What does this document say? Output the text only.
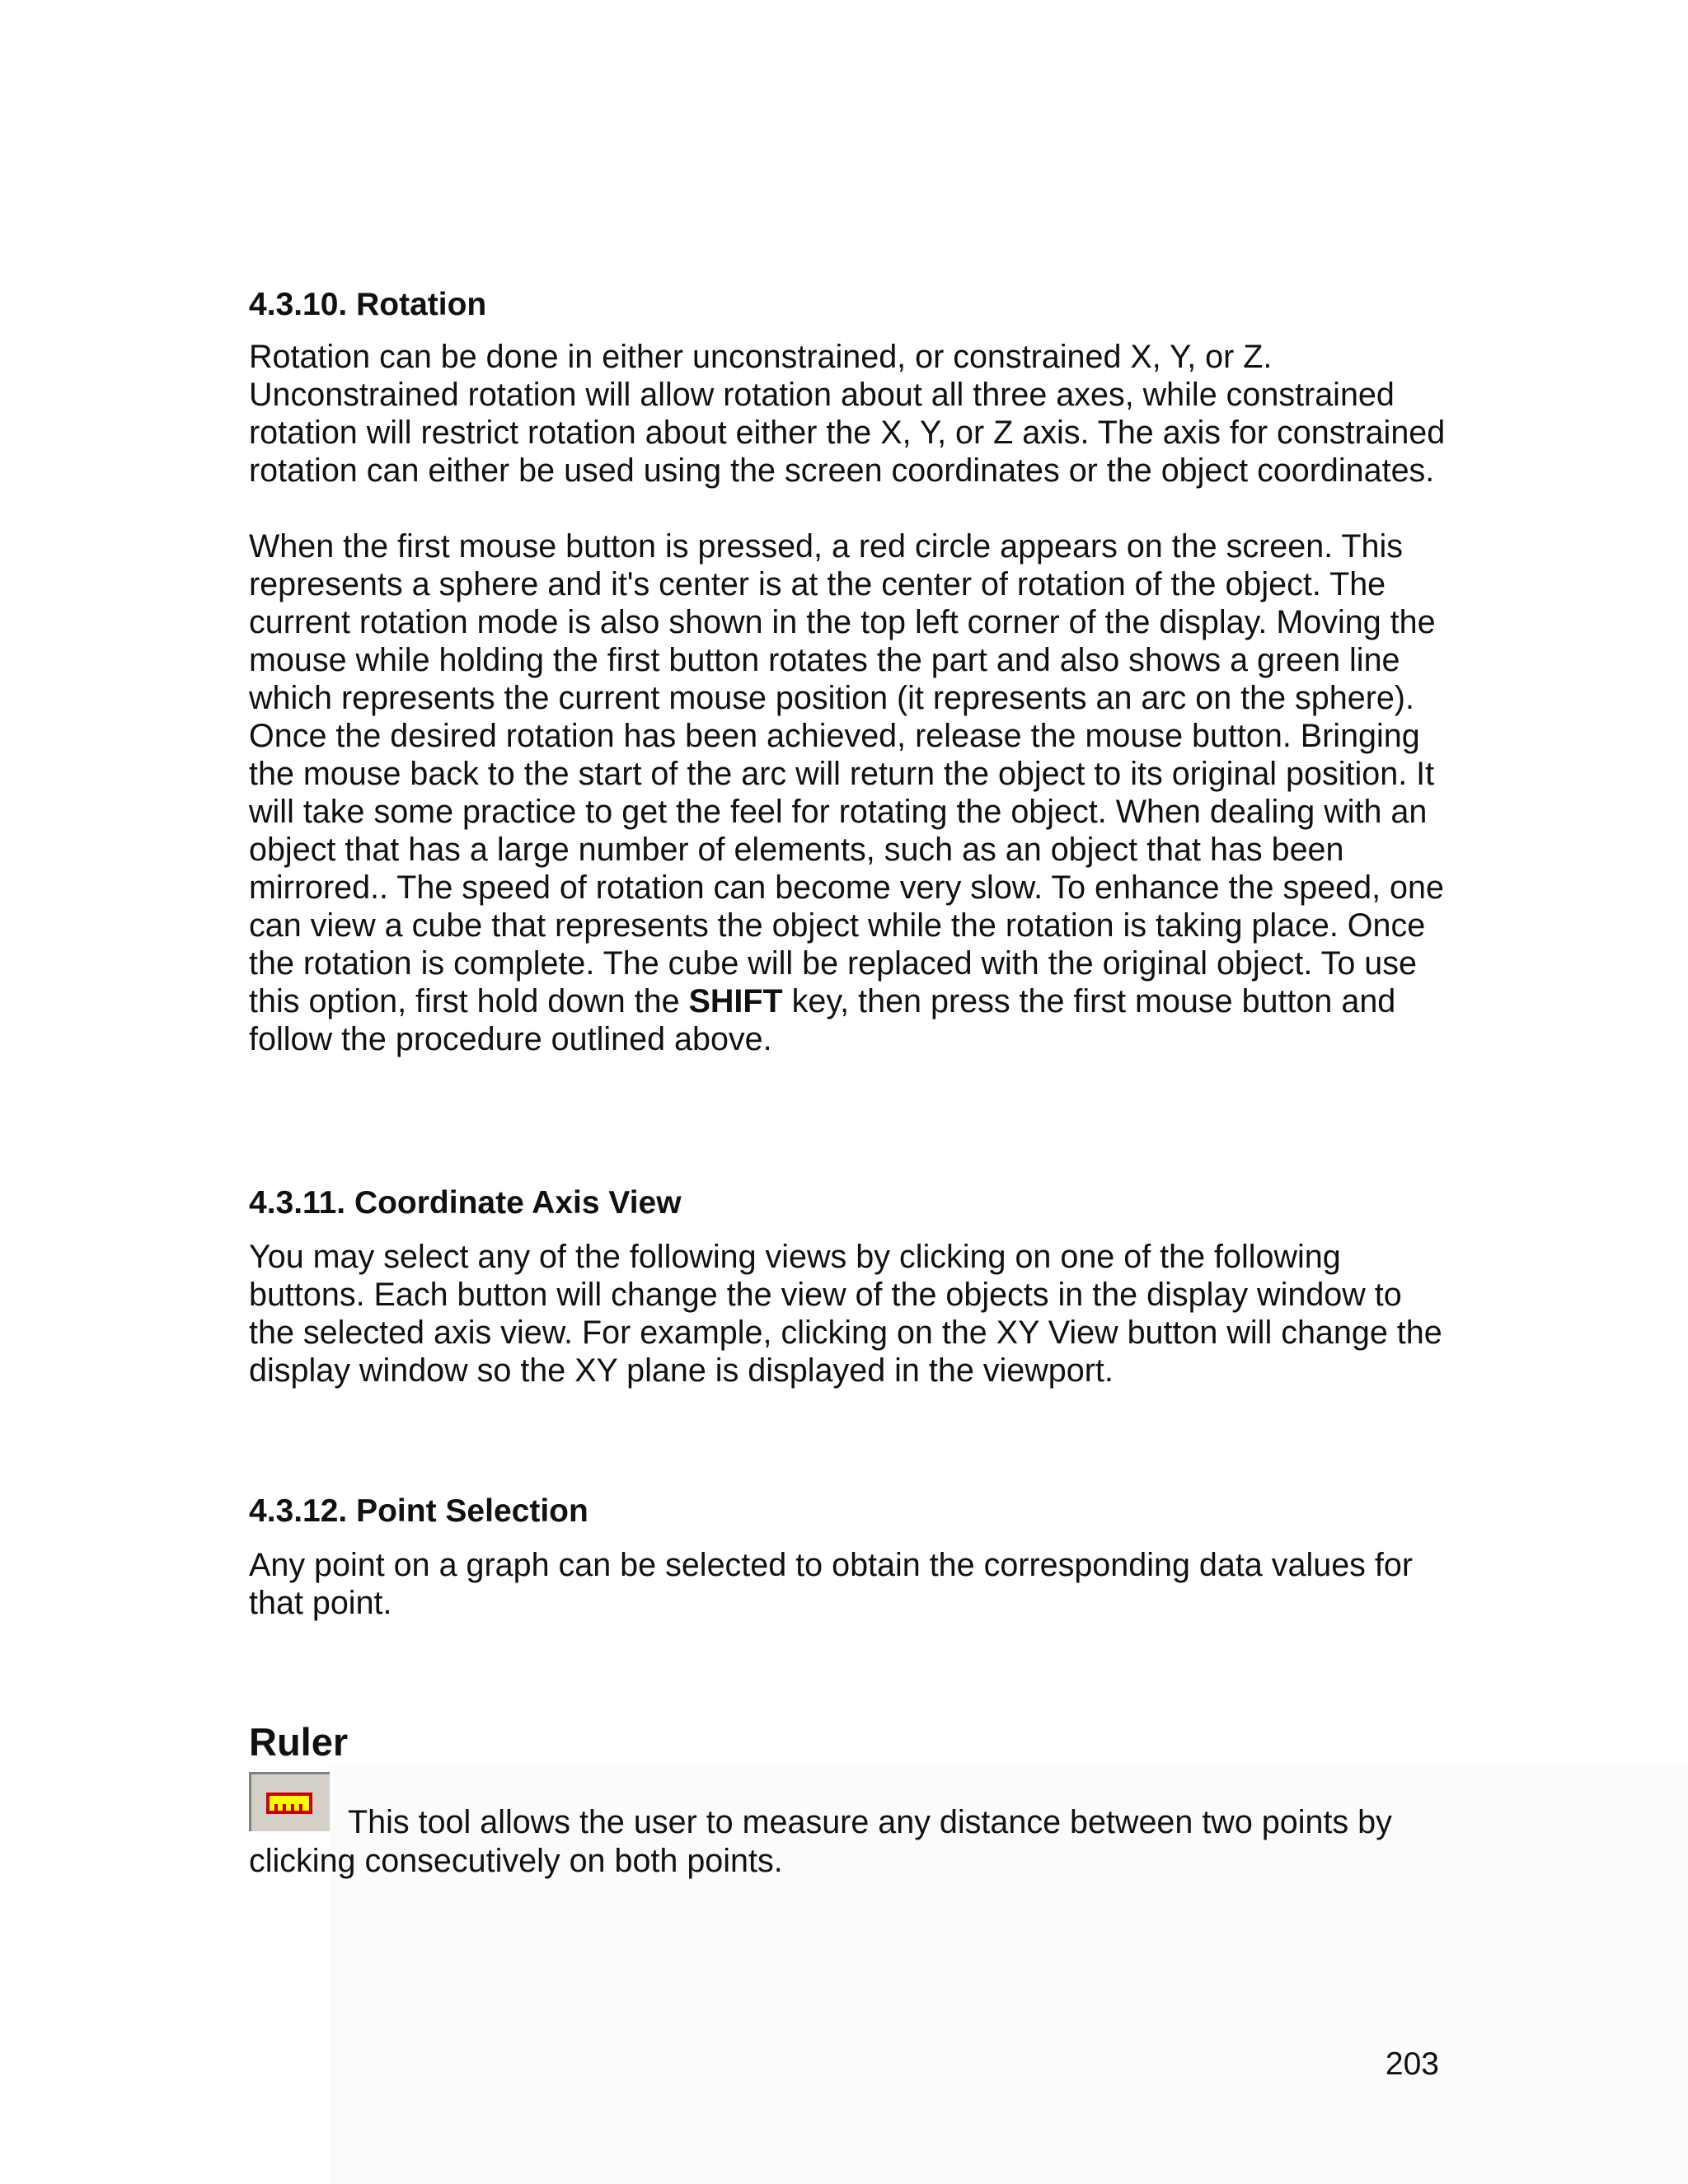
4.3.10. Rotation

Rotation can be done in either unconstrained, or constrained X, Y, or Z. Unconstrained rotation will allow rotation about all three axes, while constrained rotation will restrict rotation about either the X, Y, or Z axis. The axis for constrained rotation can either be used using the screen coordinates or the object coordinates.

When the first mouse button is pressed, a red circle appears on the screen. This represents a sphere and it's center is at the center of rotation of the object. The current rotation mode is also shown in the top left corner of the display. Moving the mouse while holding the first button rotates the part and also shows a green line which represents the current mouse position (it represents an arc on the sphere). Once the desired rotation has been achieved, release the mouse button. Bringing the mouse back to the start of the arc will return the object to its original position. It will take some practice to get the feel for rotating the object. When dealing with an object that has a large number of elements, such as an object that has been mirrored.. The speed of rotation can become very slow. To enhance the speed, one can view a cube that represents the object while the rotation is taking place. Once the rotation is complete. The cube will be replaced with the original object. To use this option, first hold down the SHIFT key, then press the first mouse button and follow the procedure outlined above.

4.3.11. Coordinate Axis View

You may select any of the following views by clicking on one of the following buttons. Each button will change the view of the objects in the display window to the selected axis view. For example, clicking on the XY View button will change the display window so the XY plane is displayed in the viewport.

4.3.12. Point Selection

Any point on a graph can be selected to obtain the corresponding data values for that point.

Ruler

This tool allows the user to measure any distance between two points by clicking consecutively on both points.

203
